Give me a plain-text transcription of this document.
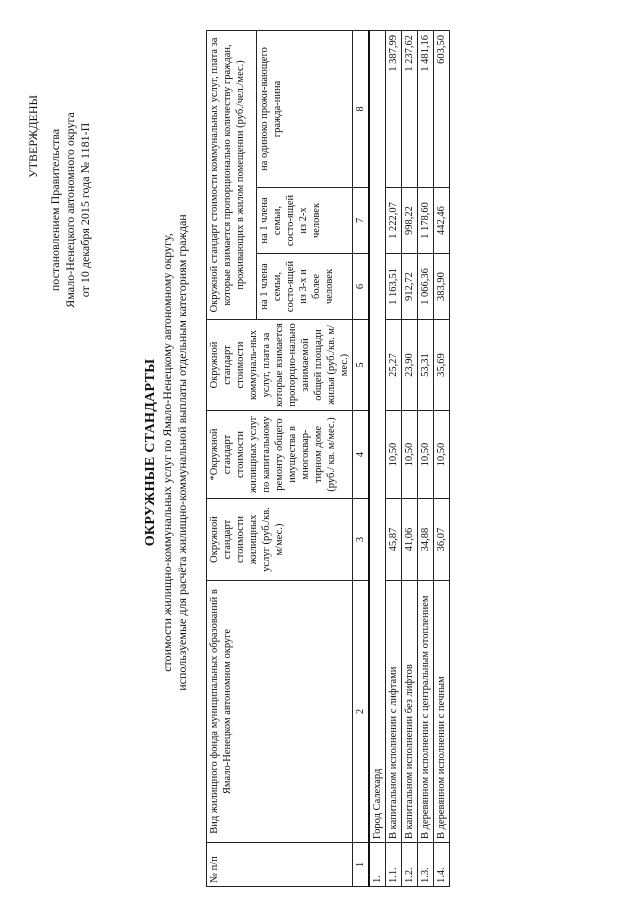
УТВЕРЖДЕНЫ постановлением Правительства Ямало-Ненецкого автономного округа от 10 декабря 2015 года № 1181-П
ОКРУЖНЫЕ СТАНДАРТЫ стоимости жилищно-коммунальных услуг по Ямало-Ненецкому автономному округу, используемые для расчёта жилищно-коммунальной выплаты отдельным категориям граждан
№ п/п	Вид жилищного фонда муниципальных образований в Ямало-Ненецком автономном округе	Окружной стандарт стоимости жилищных услуг (руб./кв. м/мес.)	*Окружной стандарт стоимости жилищных услуг по капитальному ремонту общего имущества в многоквар-тирном доме (руб./ кв. м/мес.)	Окружной стандарт стоимости коммуналь-ных услуг, плата за которые взимается пропорцио-нально занимаемой общей площади жилья (руб./кв. м/ мес.)	Окружной стандарт стоимости коммунальных услуг, плата за которые взимается пропорционально количеству граждан, проживающих в жилом помещении (руб./чел./мес.)		
					на 1 члена семьи, состо-ящей из 3-х и более человек	на 1 члена семьи, состо-ящей из 2-х человек	на одиноко прожи-вающего гражда-нина
1	2	3	4	5	6	7	8
1.	Город Салехард						
1.1.	В капитальном исполнении с лифтами	45,87	10,50	25,27	1 163,51	1 222,07	1 387,99
1.2.	В капитальном исполнении без лифтов	41,06	10,50	23,90	912,72	998,22	1 237,62
1.3.	В деревянном исполнении с центральным отоплением	34,88	10,50	53,31	1 066,36	1 178,60	1 481,16
1.4.	В деревянном исполнении с печным	36,07	10,50	35,69	383,90	442,46	603,50
